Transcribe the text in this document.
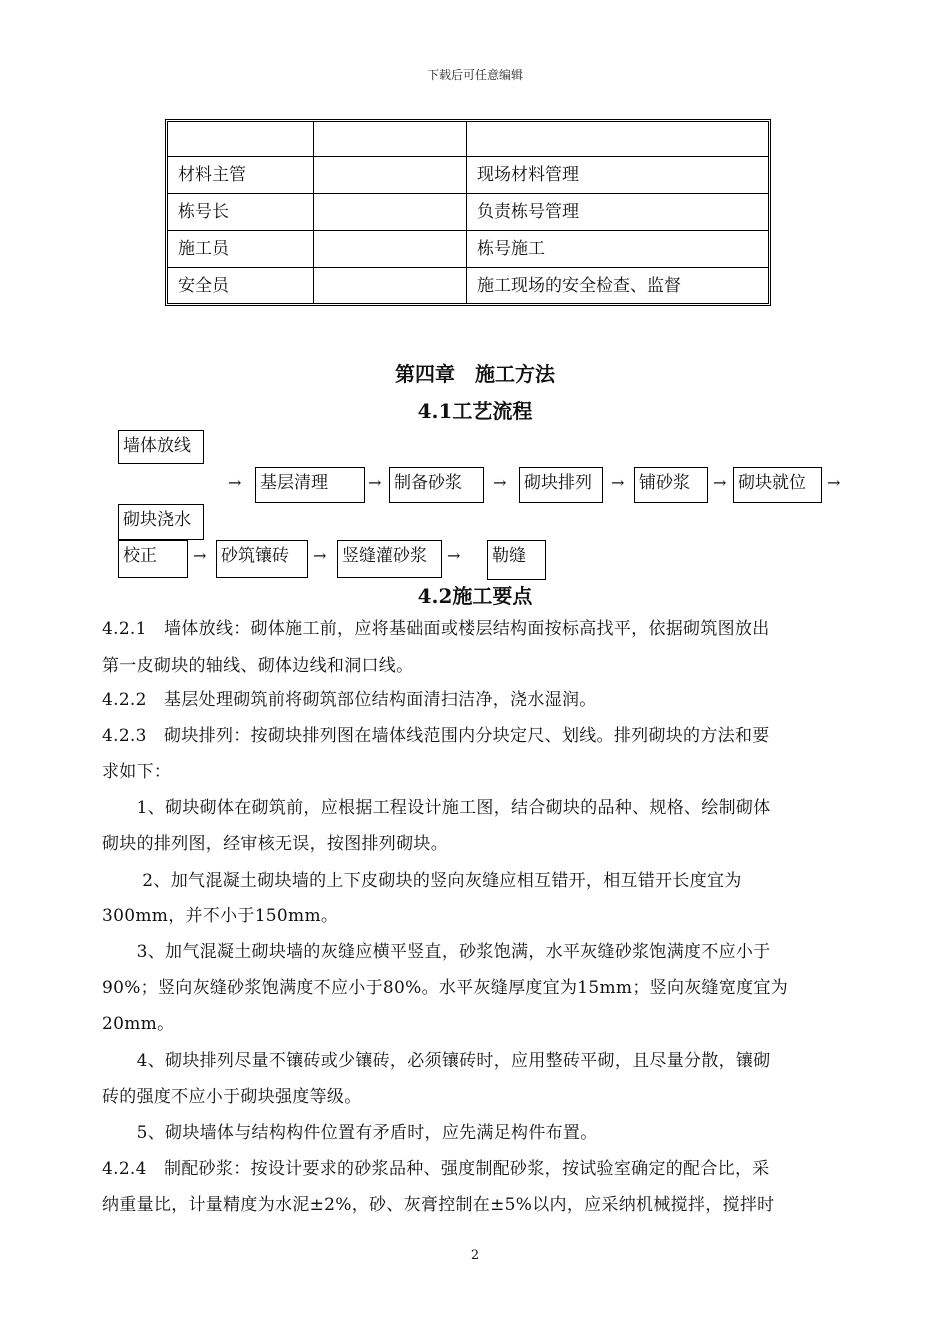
下载后可任意编辑
材料主管	现场材料管理
栋号长	负责栋号管理
施工员	栋号施工
安全员	施工现场的安全检查、监督
第四章　施工方法
4.1工艺流程
墙体放线
→ 基层清理	→ 制备砂浆	→ 砌块排列	→ 铺砂浆	→ 砌块就位	→
砌块浇水
校正	→ 砂筑镶砖	→ 竖缝灌砂浆	→ 勒缝
4.2施工要点
4.2.1　墙体放线：砌体施工前，应将基础面或楼层结构面按标高找平，依据砌筑图放出
第一皮砌块的轴线、砌体边线和洞口线。
4.2.2　基层处理砌筑前将砌筑部位结构面清扫洁净，浇水湿润。
4.2.3　砌块排列：按砌块排列图在墙体线范围内分块定尺、划线。排列砌块的方法和要
求如下：
　　1、砌块砌体在砌筑前，应根据工程设计施工图，结合砌块的品种、规格、绘制砌体
砌块的排列图，经审核无误，按图排列砌块。
　　 2、加气混凝土砌块墙的上下皮砌块的竖向灰缝应相互错开，相互错开长度宜为
300mm，并不小于150mm。
　　3、加气混凝土砌块墙的灰缝应横平竖直，砂浆饱满，水平灰缝砂浆饱满度不应小于
90%；竖向灰缝砂浆饱满度不应小于80%。水平灰缝厚度宜为15mm；竖向灰缝宽度宜为
20mm。
　　4、砌块排列尽量不镶砖或少镶砖，必须镶砖时，应用整砖平砌，且尽量分散，镶砌
砖的强度不应小于砌块强度等级。
　　5、砌块墙体与结构构件位置有矛盾时，应先满足构件布置。
4.2.4　制配砂浆：按设计要求的砂浆品种、强度制配砂浆，按试验室确定的配合比，采
纳重量比，计量精度为水泥±2%，砂、灰膏控制在±5%以内，应采纳机械搅拌，搅拌时
2
